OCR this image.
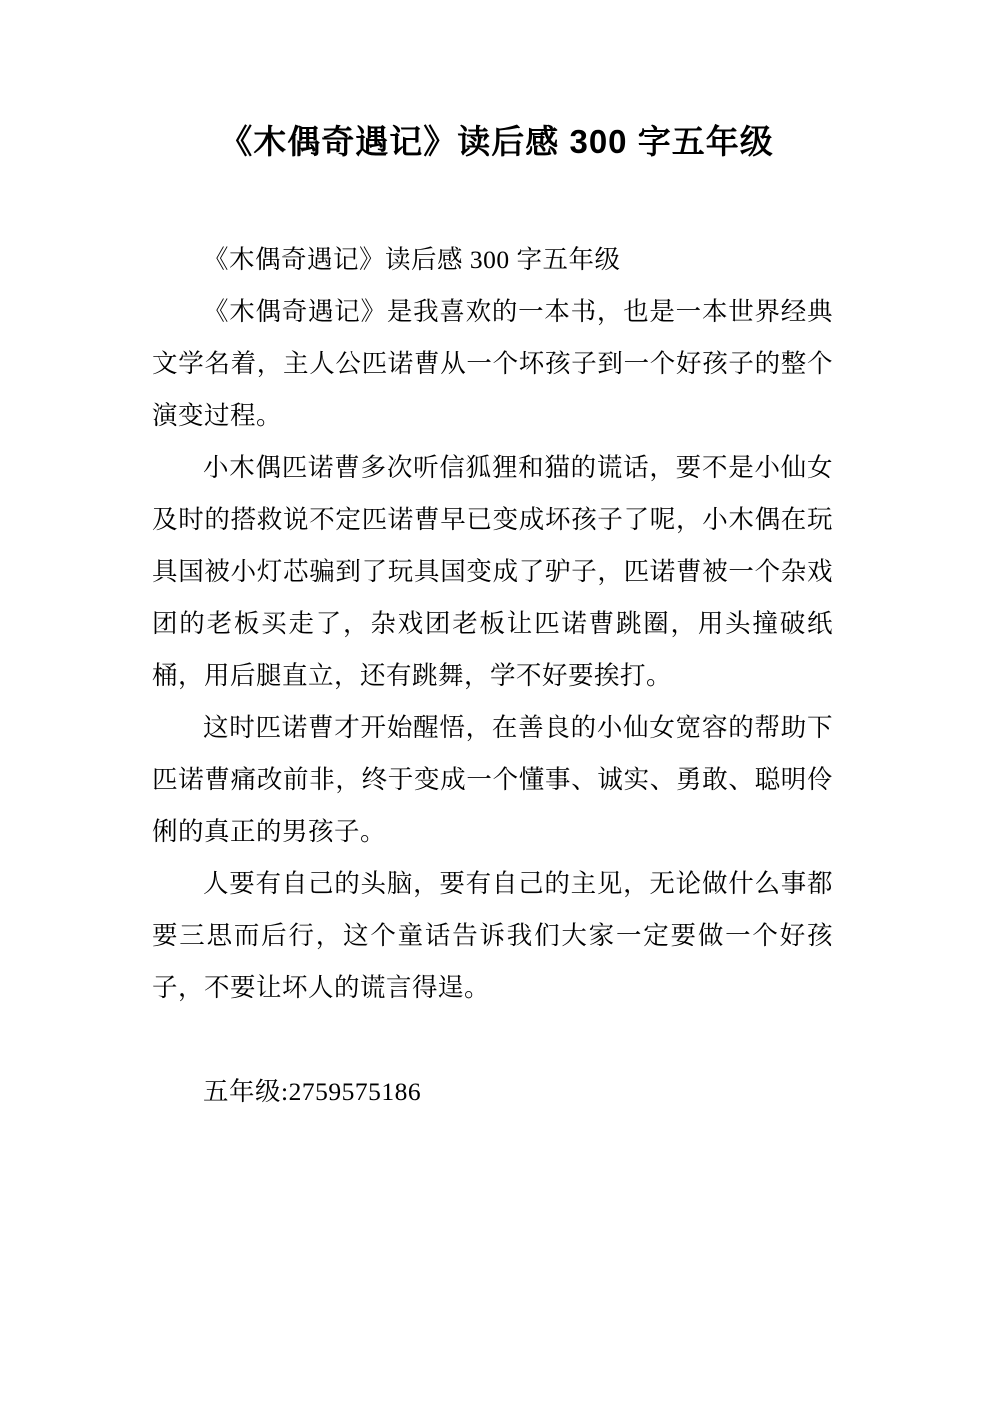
《木偶奇遇记》读后感 300 字五年级

《木偶奇遇记》读后感 300 字五年级

《木偶奇遇记》是我喜欢的一本书，也是一本世界经典文学名着，主人公匹诺曹从一个坏孩子到一个好孩子的整个演变过程。

小木偶匹诺曹多次听信狐狸和猫的谎话，要不是小仙女及时的搭救说不定匹诺曹早已变成坏孩子了呢，小木偶在玩具国被小灯芯骗到了玩具国变成了驴子，匹诺曹被一个杂戏团的老板买走了，杂戏团老板让匹诺曹跳圈，用头撞破纸桶，用后腿直立，还有跳舞，学不好要挨打。

这时匹诺曹才开始醒悟，在善良的小仙女宽容的帮助下匹诺曹痛改前非，终于变成一个懂事、诚实、勇敢、聪明伶俐的真正的男孩子。

人要有自己的头脑，要有自己的主见，无论做什么事都要三思而后行，这个童话告诉我们大家一定要做一个好孩子，不要让坏人的谎言得逞。

五年级:2759575186
